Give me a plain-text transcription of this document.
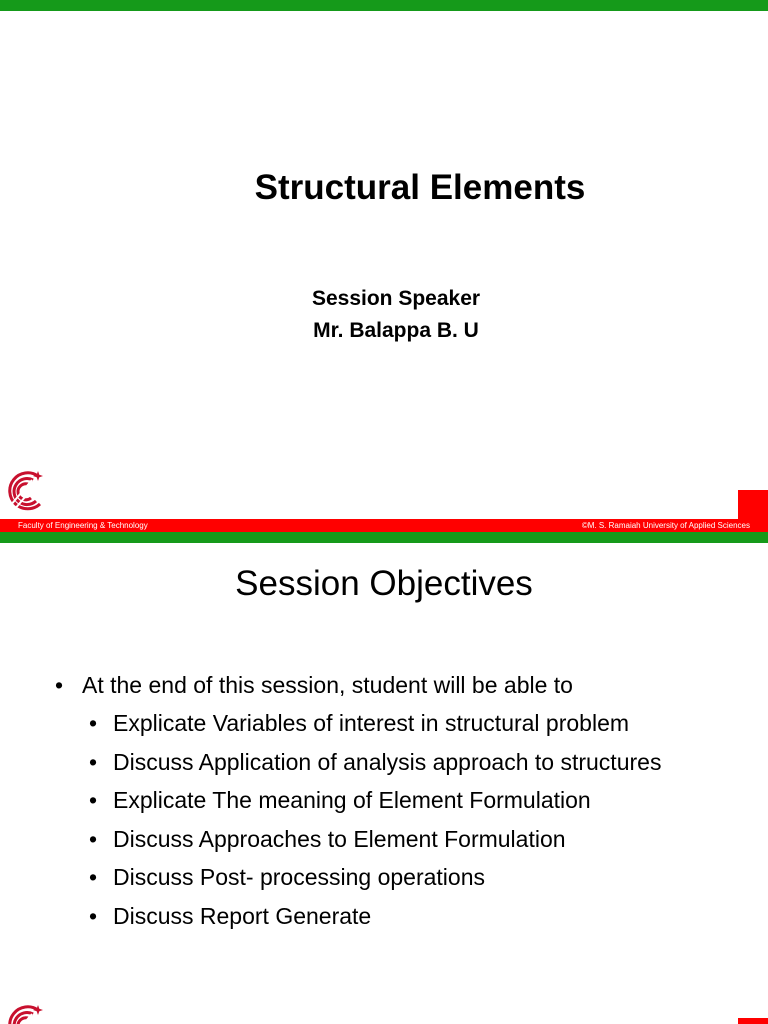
Structural Elements
Session Speaker
Mr. Balappa B. U
Faculty of Engineering & Technology	©M. S. Ramaiah University of Applied Sciences
Session Objectives
• At the end of this session, student will be able to
• Explicate Variables of interest in structural problem
• Discuss Application of analysis approach to structures
• Explicate The meaning of Element Formulation
• Discuss Approaches to Element Formulation
• Discuss Post- processing operations
• Discuss Report Generate
